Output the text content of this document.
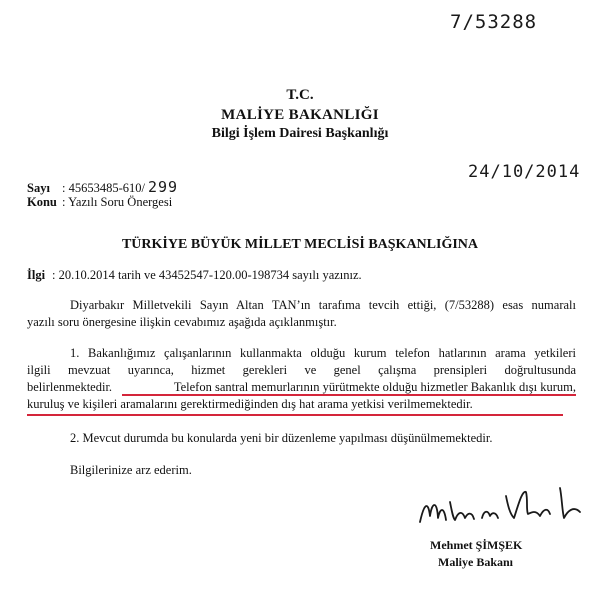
7/53288
T.C.
MALİYE BAKANLIĞI
Bilgi İşlem Dairesi Başkanlığı
24/10/2014
Sayı : 45653485-610/ 299
Konu : Yazılı Soru Önergesi
TÜRKİYE BÜYÜK MİLLET MECLİSİ BAŞKANLIĞINA
İlgi : 20.10.2014 tarih ve 43452547-120.00-198734 sayılı yazınız.
Diyarbakır Milletvekili Sayın Altan TAN’ın tarafıma tevcih ettiği, (7/53288) esas numaralı
yazılı soru önergesine ilişkin cevabımız aşağıda açıklanmıştır.
1. Bakanlığımız çalışanlarının kullanmakta olduğu kurum telefon hatlarının arama yetkileri
ilgili mevzuat uyarınca, hizmet gerekleri ve genel çalışma prensipleri doğrultusunda
belirlenmektedir.	Telefon santral memurlarının yürütmekte olduğu hizmetler Bakanlık dışı kurum,
kuruluş ve kişileri aramalarını gerektirmediğinden dış hat arama yetkisi verilmemektedir.
2. Mevcut durumda bu konularda yeni bir düzenleme yapılması düşünülmemektedir.
Bilgilerinize arz ederim.
Mehmet ŞİMŞEK
Maliye Bakanı
